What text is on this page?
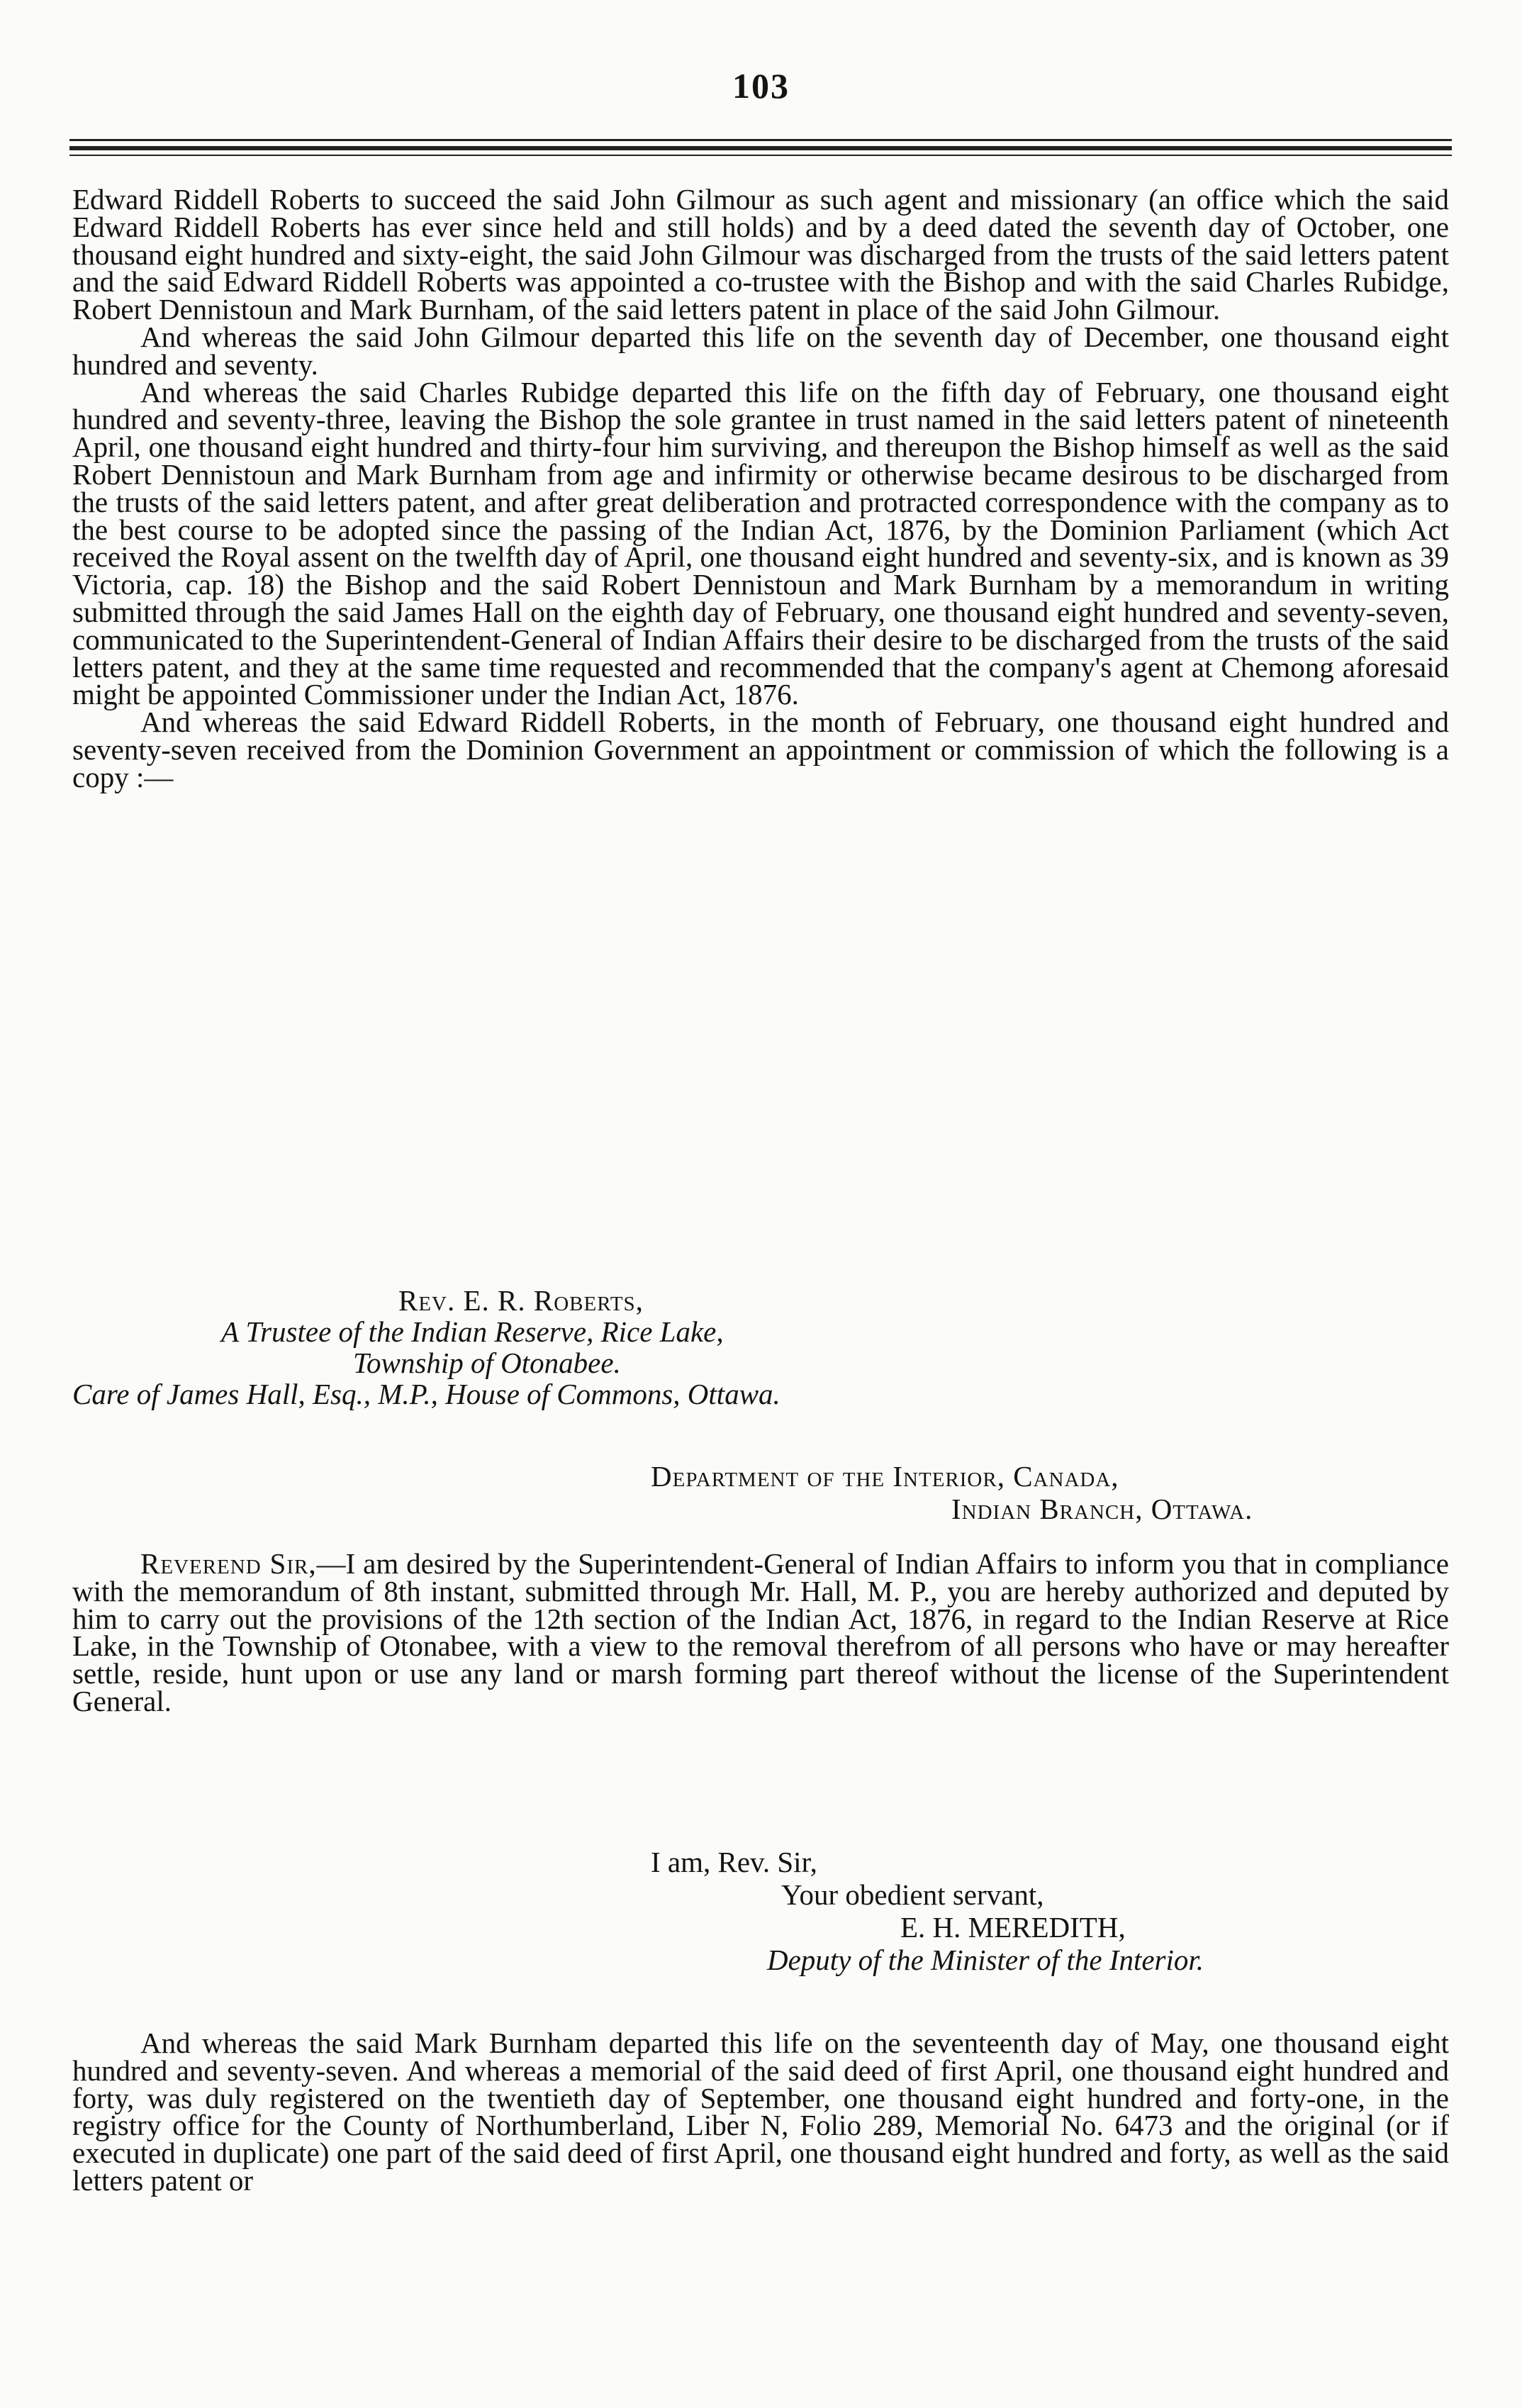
103

Edward Riddell Roberts to succeed the said John Gilmour as such agent and missionary (an office which the said Edward Riddell Roberts has ever since held and still holds) and by a deed dated the seventh day of October, one thousand eight hundred and sixty-eight, the said John Gilmour was discharged from the trusts of the said letters patent and the said Edward Riddell Roberts was appointed a co-trustee with the Bishop and with the said Charles Rubidge, Robert Dennistoun and Mark Burnham, of the said letters patent in place of the said John Gilmour.

And whereas the said John Gilmour departed this life on the seventh day of December, one thousand eight hundred and seventy.

And whereas the said Charles Rubidge departed this life on the fifth day of February, one thousand eight hundred and seventy-three, leaving the Bishop the sole grantee in trust named in the said letters patent of nineteenth April, one thousand eight hundred and thirty-four him surviving, and thereupon the Bishop himself as well as the said Robert Dennistoun and Mark Burnham from age and infirmity or otherwise became desirous to be discharged from the trusts of the said letters patent, and after great deliberation and protracted correspondence with the company as to the best course to be adopted since the passing of the Indian Act, 1876, by the Dominion Parliament (which Act received the Royal assent on the twelfth day of April, one thousand eight hundred and seventy-six, and is known as 39 Victoria, cap. 18) the Bishop and the said Robert Dennistoun and Mark Burnham by a memorandum in writing submitted through the said James Hall on the eighth day of February, one thousand eight hundred and seventy-seven, communicated to the Superintendent-General of Indian Affairs their desire to be discharged from the trusts of the said letters patent, and they at the same time requested and recommended that the company's agent at Chemong aforesaid might be appointed Commissioner under the Indian Act, 1876.

And whereas the said Edward Riddell Roberts, in the month of February, one thousand eight hundred and seventy-seven received from the Dominion Government an appointment or commission of which the following is a copy :—

Rev. E. R. Roberts,
A Trustee of the Indian Reserve, Rice Lake,
Township of Otonabee.
Care of James Hall, Esq., M.P., House of Commons, Ottawa.
Department of the Interior, Canada,
Indian Branch, Ottawa.

Reverend Sir,—I am desired by the Superintendent-General of Indian Affairs to inform you that in compliance with the memorandum of 8th instant, submitted through Mr. Hall, M. P., you are hereby authorized and deputed by him to carry out the provisions of the 12th section of the Indian Act, 1876, in regard to the Indian Reserve at Rice Lake, in the Township of Otonabee, with a view to the removal therefrom of all persons who have or may hereafter settle, reside, hunt upon or use any land or marsh forming part thereof without the license of the Superintendent General.

I am, Rev. Sir,
Your obedient servant,
E. H. MEREDITH,
Deputy of the Minister of the Interior.

And whereas the said Mark Burnham departed this life on the seventeenth day of May, one thousand eight hundred and seventy-seven. And whereas a memorial of the said deed of first April, one thousand eight hundred and forty, was duly registered on the twentieth day of September, one thousand eight hundred and forty-one, in the registry office for the County of Northumberland, Liber N, Folio 289, Memorial No. 6473 and the original (or if executed in duplicate) one part of the said deed of first April, one thousand eight hundred and forty, as well as the said letters patent or
